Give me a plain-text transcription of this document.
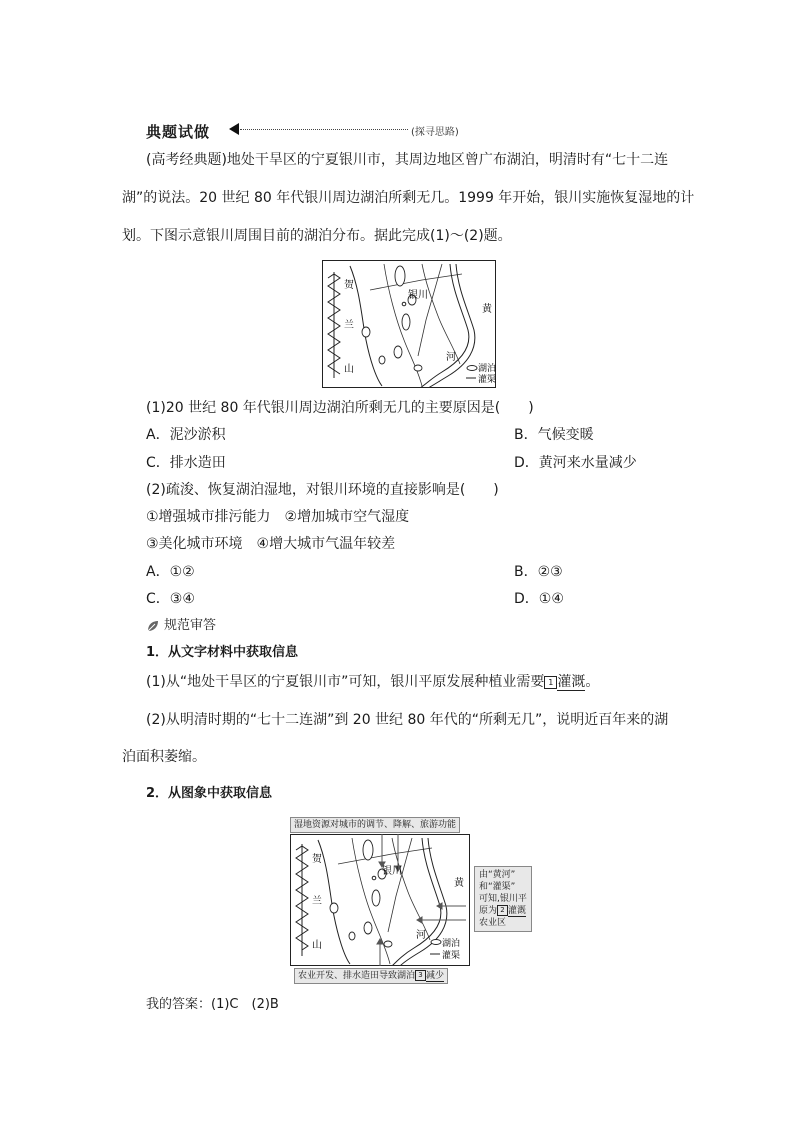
典题试做	(探寻思路)
(高考经典题)地处干旱区的宁夏银川市，其周边地区曾广布湖泊，明清时有“七十二连
湖”的说法。20 世纪 80 年代银川周边湖泊所剩无几。1999 年开始，银川实施恢复湿地的计
划。下图示意银川周围目前的湖泊分布。据此完成(1)～(2)题。
贺
兰
山
银川
黄
河
湖泊
灌渠
(1)20 世纪 80 年代银川周边湖泊所剩无几的主要原因是(　　)
A．泥沙淤积	B．气候变暖
C．排水造田	D．黄河来水量减少
(2)疏浚、恢复湖泊湿地，对银川环境的直接影响是(　　)
①增强城市排污能力　②增加城市空气湿度
③美化城市环境　④增大城市气温年较差
A．①②	B．②③
C．③④	D．①④
规范审答
1．从文字材料中获取信息
(1)从“地处干旱区的宁夏银川市”可知，银川平原发展种植业需要 1 灌溉。
(2)从明清时期的“七十二连湖”到 20 世纪 80 年代的“所剩无几”，说明近百年来的湖
泊面积萎缩。
2．从图象中获取信息
湿地资源对城市的调节、降解、旅游功能
贺
兰
山
银川
黄
河
湖泊
灌渠
由“黄河”
和“灌渠”
可知,银川平
原为 2 灌溉
农业区
农业开发、排水造田导致湖泊 3 减少
我的答案：(1)C　(2)B
